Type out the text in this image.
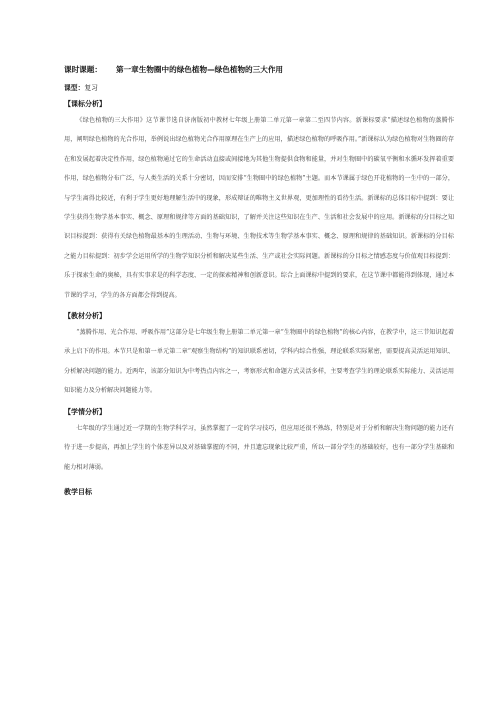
课时课题： 第一章生物圈中的绿色植物—绿色植物的三大作用
课型：复习
【课标分析】

《绿色植物的三大作用》这节课节选自济南版初中教材七年级上册第二单元第一章第二至四节内容。新课标要求“描述绿色植物的蒸腾作用，阐明绿色植物的光合作用，举例说出绿色植物光合作用原理在生产上的应用，描述绿色植物的呼吸作用。”新课标认为绿色植物对生物圈的存在和发展起着决定性作用，绿色植物通过它的生命活动直接或间接地为其他生物提供食物和能量，并对生物圈中的碳氧平衡和水循环发挥着重要作用，绿色植物分布广泛，与人类生活的关系十分密切，因而安排“生物圈中的绿色植物”主题。而本节课属于绿色开花植物的一生中的一部分，与学生离得比较近，有利于学生更好地理解生活中的现象，形成辩证的唯物主义世界观，更加理性的看待生活。新课标的总体目标中提到：要让学生获得生物学基本事实、概念、原理和规律等方面的基础知识，了解并关注这些知识在生产、生活和社会发展中的应用。新课标的分目标之知识目标提到：获得有关绿色植物最基本的生理活动、生物与环境、生物技术等生物学基本事实、概念、原理和规律的基础知识。新课标的分目标之能力目标提到：初步学会运用所学的生物学知识分析和解决某些生活、生产或社会实际问题。新课标的分目标之情感态度与价值观目标提到：乐于探索生命的奥秘，具有实事求是的科学态度、一定的探索精神和创新意识。综合上面课标中提到的要求，在这节课中都能得到体现，通过本节课的学习，学生的各方面都会得到提高。

【教材分析】

“蒸腾作用、光合作用、呼吸作用”这部分是七年级生物上册第二单元第一章“生物圈中的绿色植物”的核心内容，在教学中，这三节知识起着承上启下的作用。本节只是和第一单元第二章“观察生物结构”的知识联系密切，学科内综合性强，理论联系实际紧密，需要提高灵活运用知识、分析解决问题的能力。近两年，该部分知识为中考热点内容之一，考察形式和命题方式灵活多样，主要考查学生的理论联系实际能力、灵活运用知识能力及分析解决问题能力等。

【学情分析】

七年级的学生通过近一学期的生物学科学习，虽然掌握了一定的学习技巧，但应用还很不熟练，特别是对于分析和解决生物问题的能力还有待于进一步提高，再加上学生的个体差异以及对基础掌握的不同，并且遗忘现象比较严重，所以一部分学生的基础较好，也有一部分学生基础和能力相对薄弱。

教学目标
